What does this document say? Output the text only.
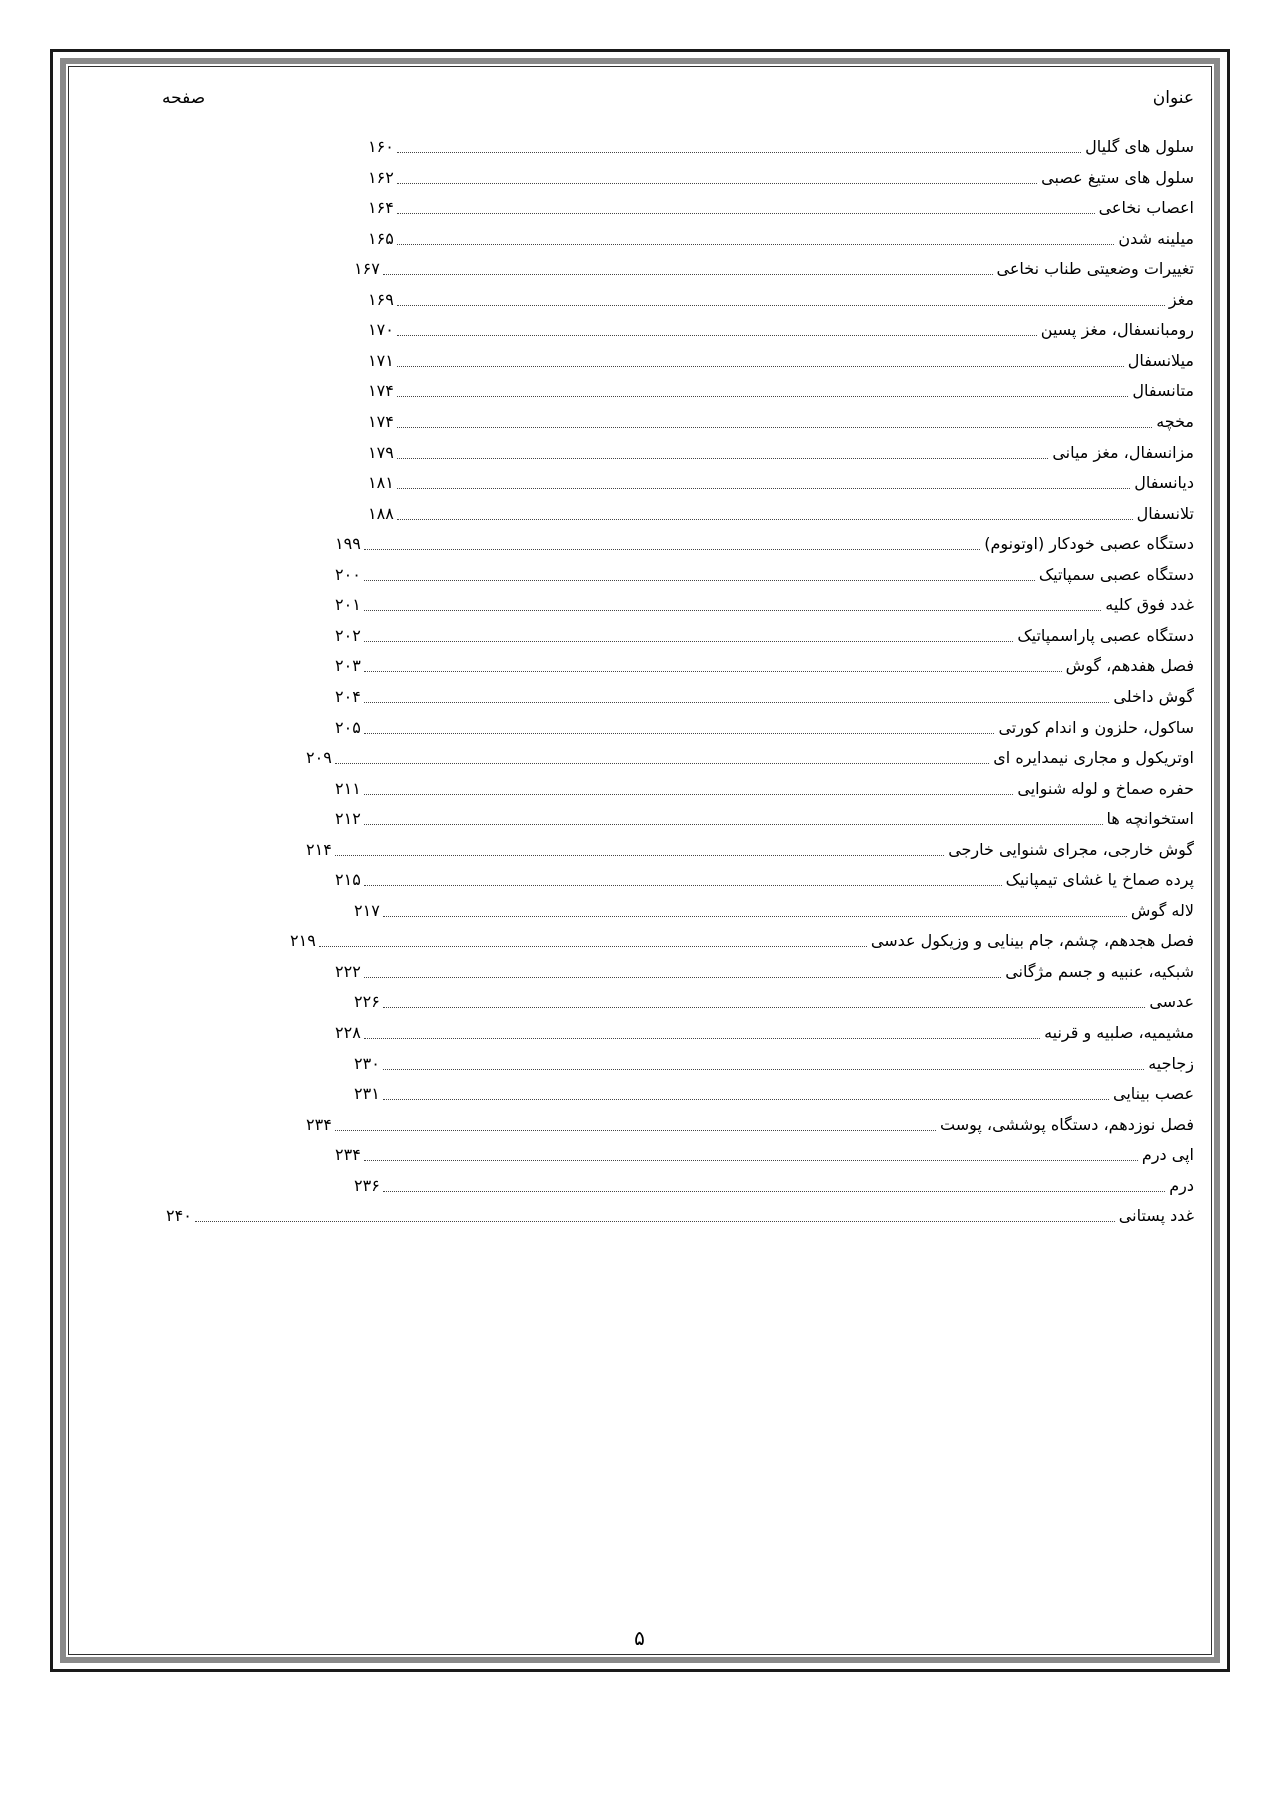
عنوان
صفحه
سلول های گلیال
۱۶۰
سلول های ستیغ عصبی
۱۶۲
اعصاب نخاعی
۱۶۴
میلینه شدن
۱۶۵
تغییرات وضعیتی طناب نخاعی
۱۶۷
مغز
۱۶۹
رومبانسفال، مغز پسین
۱۷۰
میلانسفال
۱۷۱
متانسفال
۱۷۴
مخچه
۱۷۴
مزانسفال، مغز میانی
۱۷۹
دیانسفال
۱۸۱
تلانسفال
۱۸۸
دستگاه عصبی خودکار (اوتونوم)
۱۹۹
دستگاه عصبی سمپاتیک
۲۰۰
غدد فوق کلیه
۲۰۱
دستگاه عصبی پاراسمپاتیک
۲۰۲
فصل هفدهم، گوش
۲۰۳
گوش داخلی
۲۰۴
ساکول، حلزون و اندام کورتی
۲۰۵
اوتریکول و مجاری نیمدایره ای
۲۰۹
حفره صماخ و لوله شنوایی
۲۱۱
استخوانچه ها
۲۱۲
گوش خارجی، مجرای شنوایی خارجی
۲۱۴
پرده صماخ یا غشای تیمپانیک
۲۱۵
لاله گوش
۲۱۷
فصل هجدهم، چشم، جام بینایی و وزیکول عدسی
۲۱۹
شبکیه، عنبیه و جسم مژگانی
۲۲۲
عدسی
۲۲۶
مشیمیه، صلبیه و قرنیه
۲۲۸
زجاجیه
۲۳۰
عصب بینایی
۲۳۱
فصل نوزدهم، دستگاه پوششی، پوست
۲۳۴
اپی درم
۲۳۴
درم
۲۳۶
غدد پستانی
۲۴۰
۵
